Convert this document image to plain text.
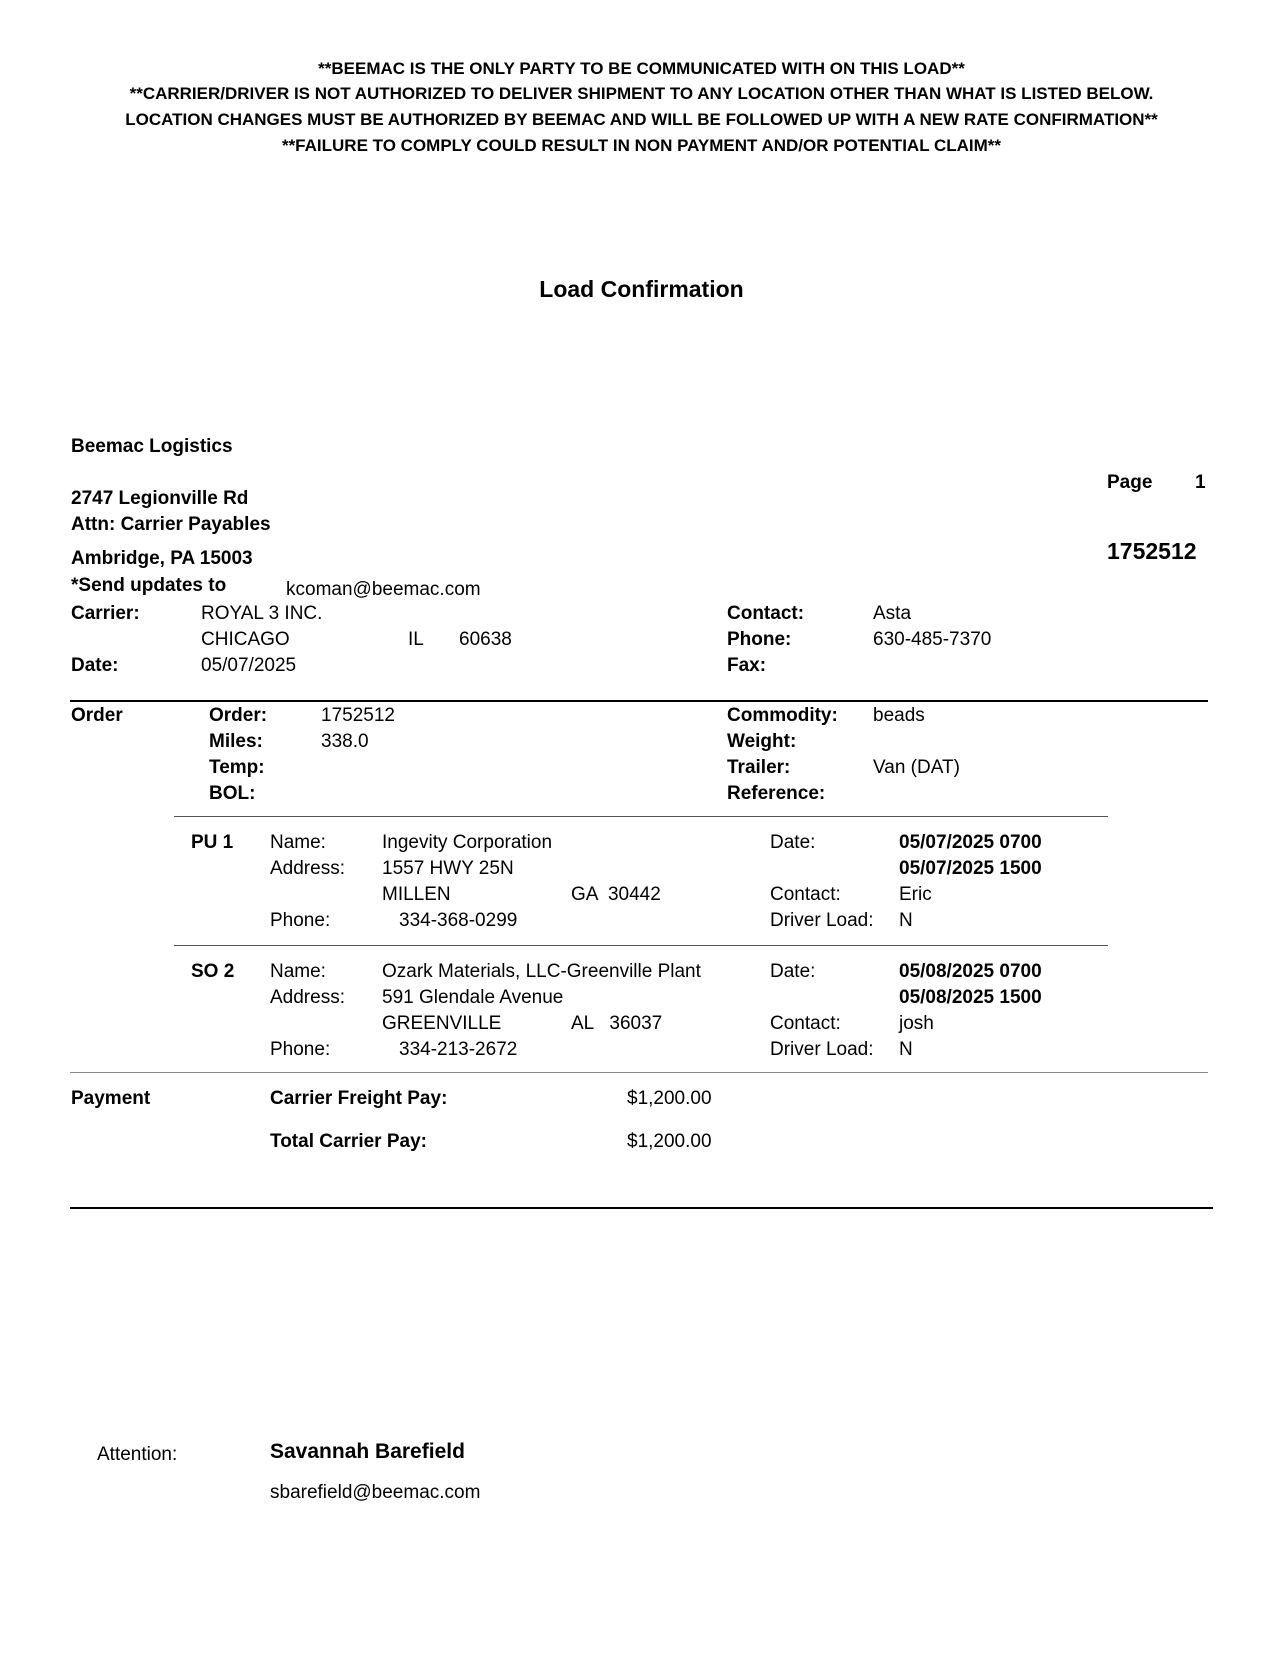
**BEEMAC IS THE ONLY PARTY TO BE COMMUNICATED WITH ON THIS LOAD**
**CARRIER/DRIVER IS NOT AUTHORIZED TO DELIVER SHIPMENT TO ANY LOCATION OTHER THAN WHAT IS LISTED BELOW.
LOCATION CHANGES MUST BE AUTHORIZED BY BEEMAC AND WILL BE FOLLOWED UP WITH A NEW RATE CONFIRMATION**
**FAILURE TO COMPLY COULD RESULT IN NON PAYMENT AND/OR POTENTIAL CLAIM**
Load Confirmation
Beemac Logistics
2747 Legionville Rd
Attn: Carrier Payables
Ambridge, PA 15003
*Send updates to	kcoman@beemac.com
Page 1
1752512
Carrier:	ROYAL 3 INC.
CHICAGO	IL 60638
Date:	05/07/2025
Contact:	Asta
Phone:	630-485-7370
Fax:
Order	Order:	1752512
Miles:	338.0
Temp:
BOL:
Commodity: beads
Weight:
Trailer:	Van (DAT)
Reference:
PU 1 Name:	Ingevity Corporation
Address: 1557 HWY 25N
MILLEN	GA  30442
Phone:	334-368-0299
Date:	05/07/2025 0700
05/07/2025 1500
Contact:	Eric
Driver Load: N
SO 2 Name:	Ozark Materials, LLC-Greenville Plant
Address: 591 Glendale Avenue
GREENVILLE	AL   36037
Phone:	334-213-2672
Date:	05/08/2025 0700
05/08/2025 1500
Contact:	josh
Driver Load: N
Payment	Carrier Freight Pay:	$1,200.00
Total Carrier Pay:	$1,200.00
Attention:	Savannah Barefield
sbarefield@beemac.com
